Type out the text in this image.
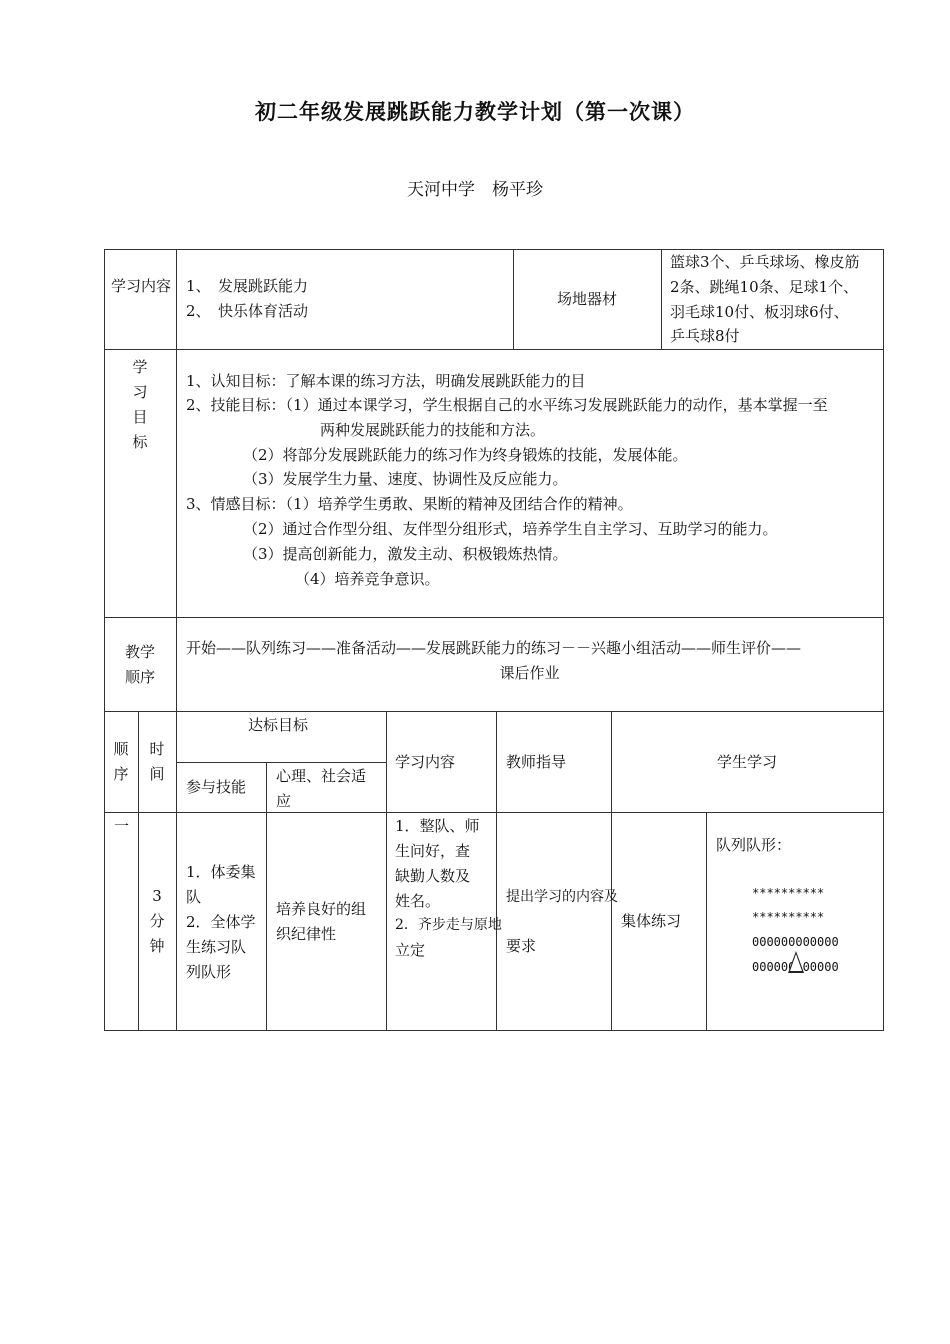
初二年级发展跳跃能力教学计划（第一次课）
天河中学　杨平珍
学习内容 1、　发展跳跃能力
2、　快乐体育活动
场地器材
篮球3个、乒乓球场、橡皮筋
2条、跳绳10条、足球1个、
羽毛球10付、板羽球6付、
乒乓球8付
学
习
目
标
1、认知目标：了解本课的练习方法，明确发展跳跃能力的目
2、技能目标：（1）通过本课学习，学生根据自己的水平练习发展跳跃能力的动作，基本掌握一至
两种发展跳跃能力的技能和方法。
（2）将部分发展跳跃能力的练习作为终身锻炼的技能，发展体能。
（3）发展学生力量、速度、协调性及反应能力。
3、情感目标：（1）培养学生勇敢、果断的精神及团结合作的精神。
（2）通过合作型分组、友伴型分组形式，培养学生自主学习、互助学习的能力。
（3）提高创新能力，激发主动、积极锻炼热情。
（4）培养竞争意识。
教学
顺序
开始——队列练习——准备活动——发展跳跃能力的练习－－兴趣小组活动——师生评价——
课后作业
顺
序
时
间
达标目标
参与技能
心理、社会适
应
学习内容	教师指导	学生学习
一
3
分
钟
1．体委集
队
2．全体学
生练习队
列队形
培养良好的组
织纪律性
1．整队、师
生问好，查
缺勤人数及
姓名。
2．齐步走与原地
立定
提出学习的内容及
要求
集体练习
队列队形：
**********
**********
000000000000
000000 00000
